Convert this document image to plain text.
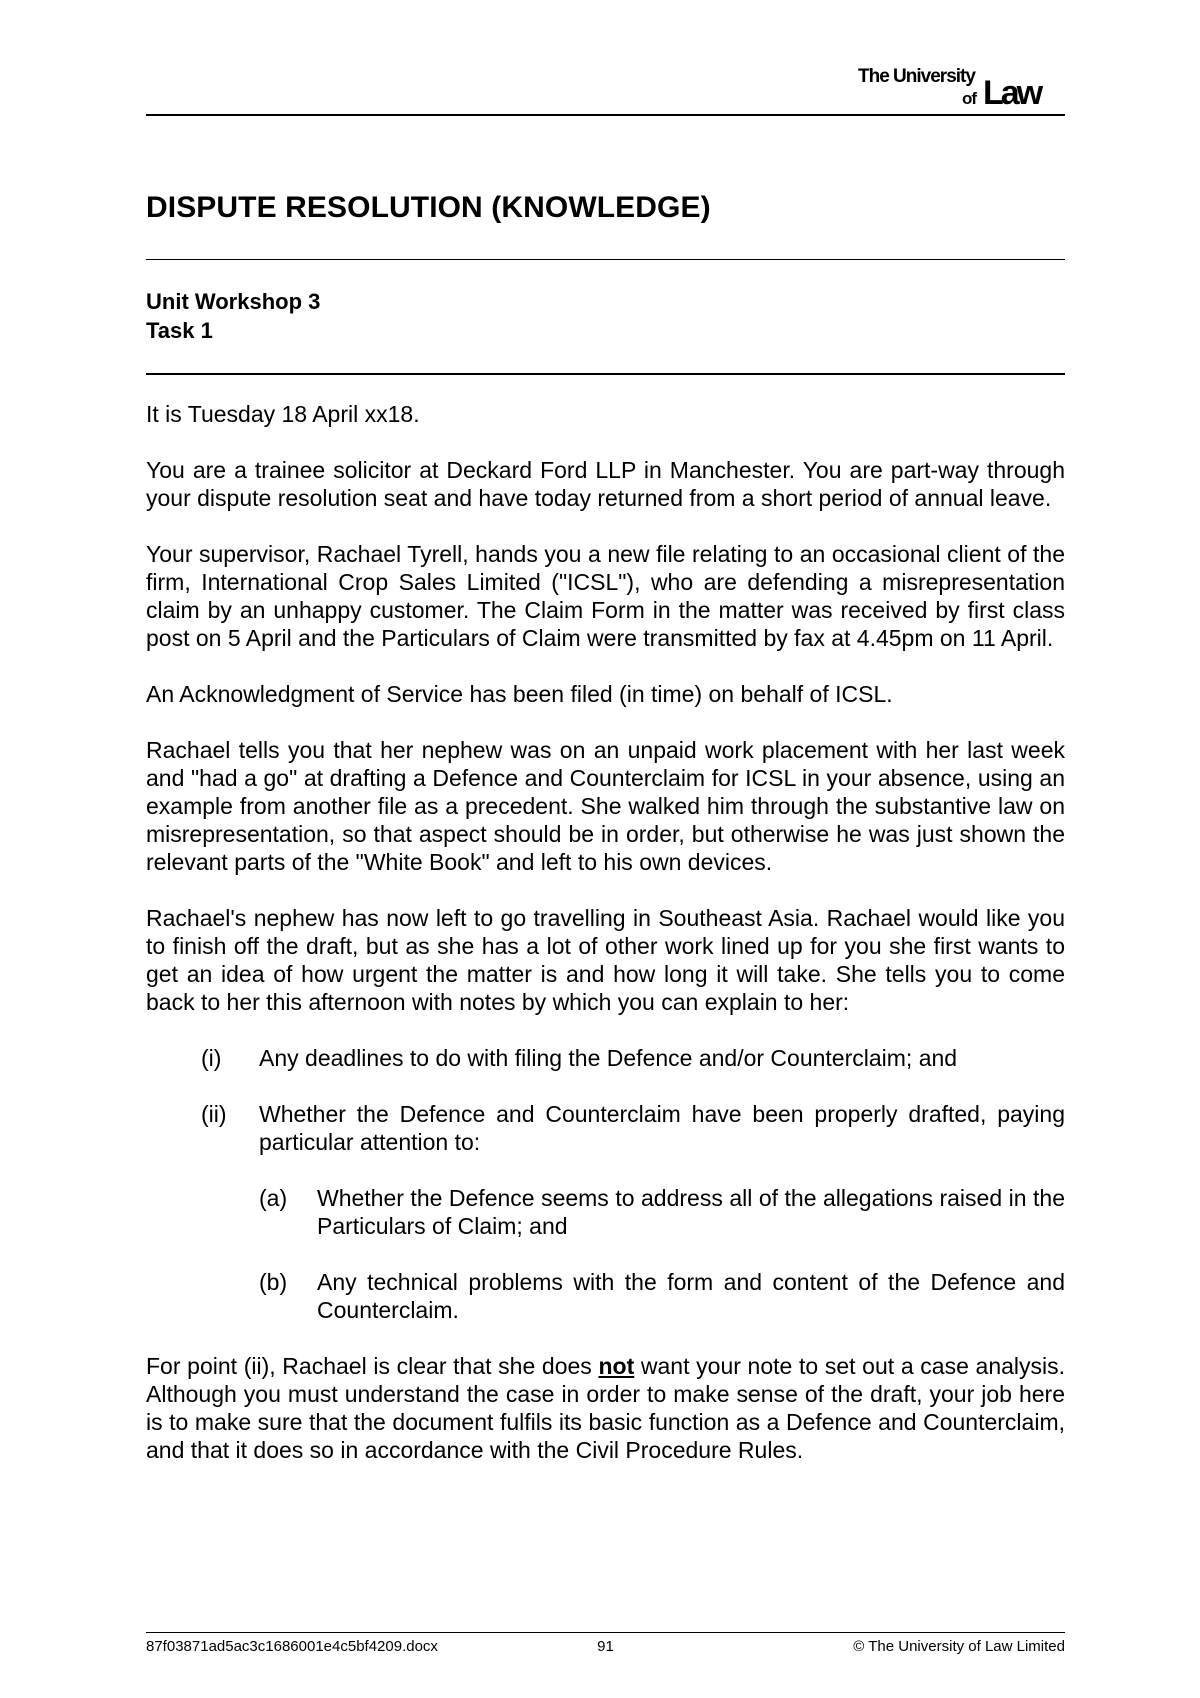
The University
of Law
DISPUTE RESOLUTION (KNOWLEDGE)
Unit Workshop 3
Task 1

It is Tuesday 18 April xx18.

You are a trainee solicitor at Deckard Ford LLP in Manchester. You are part-way through your dispute resolution seat and have today returned from a short period of annual leave.

Your supervisor, Rachael Tyrell, hands you a new file relating to an occasional client of the firm, International Crop Sales Limited ("ICSL"), who are defending a misrepresentation claim by an unhappy customer. The Claim Form in the matter was received by first class post on 5 April and the Particulars of Claim were transmitted by fax at 4.45pm on 11 April.

An Acknowledgment of Service has been filed (in time) on behalf of ICSL.

Rachael tells you that her nephew was on an unpaid work placement with her last week and "had a go" at drafting a Defence and Counterclaim for ICSL in your absence, using an example from another file as a precedent. She walked him through the substantive law on misrepresentation, so that aspect should be in order, but otherwise he was just shown the relevant parts of the "White Book" and left to his own devices.

Rachael's nephew has now left to go travelling in Southeast Asia. Rachael would like you to finish off the draft, but as she has a lot of other work lined up for you she first wants to get an idea of how urgent the matter is and how long it will take. She tells you to come back to her this afternoon with notes by which you can explain to her:

(i) Any deadlines to do with filing the Defence and/or Counterclaim; and
(ii) Whether the Defence and Counterclaim have been properly drafted, paying particular attention to:
(a) Whether the Defence seems to address all of the allegations raised in the Particulars of Claim; and
(b) Any technical problems with the form and content of the Defence and Counterclaim.

For point (ii), Rachael is clear that she does not want your note to set out a case analysis. Although you must understand the case in order to make sense of the draft, your job here is to make sure that the document fulfils its basic function as a Defence and Counterclaim, and that it does so in accordance with the Civil Procedure Rules.

87f03871ad5ac3c1686001e4c5bf4209.docx	91	© The University of Law Limited
